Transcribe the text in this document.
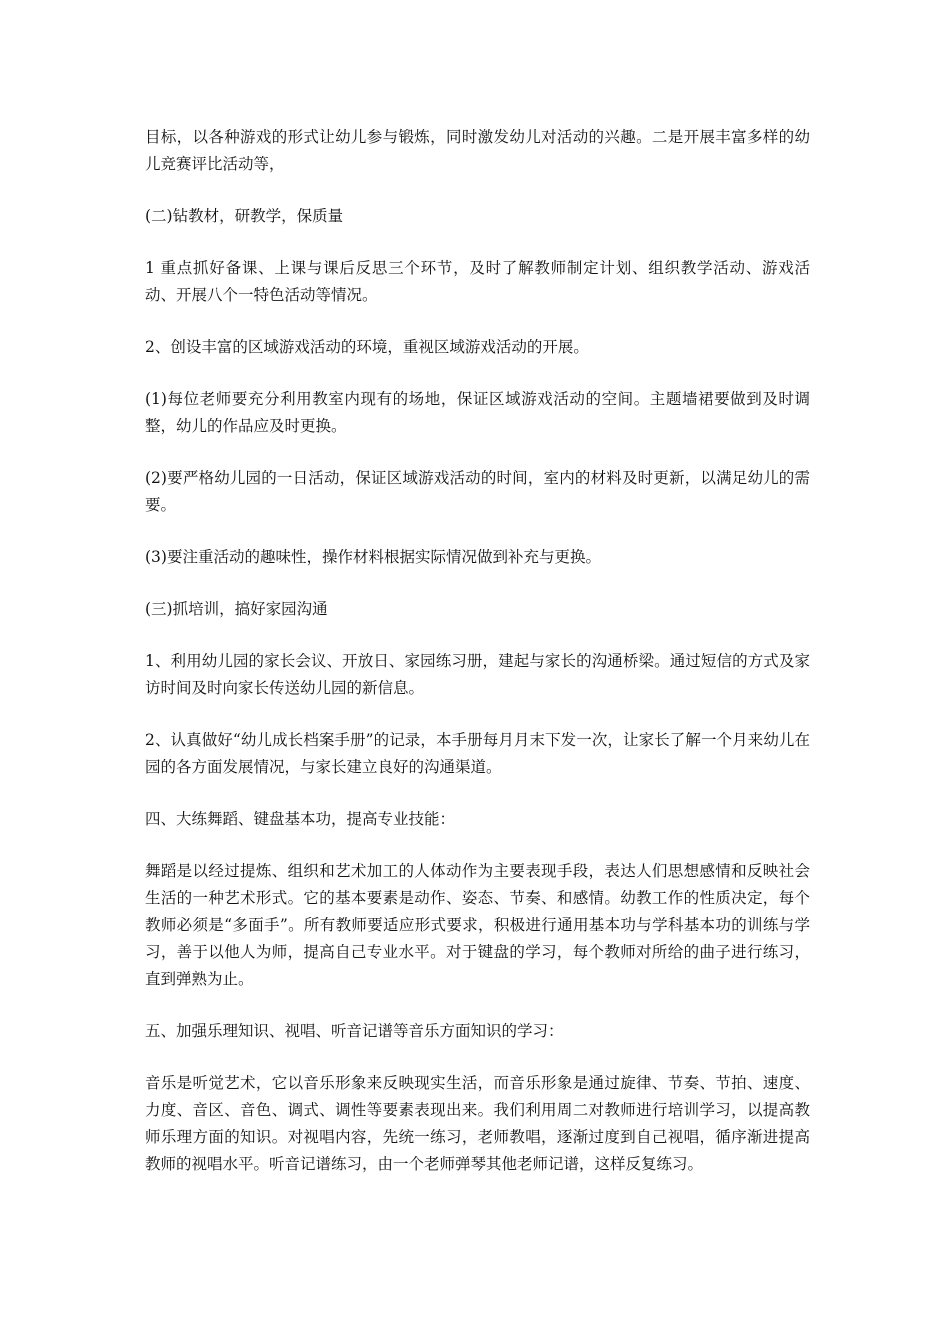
目标，以各种游戏的形式让幼儿参与锻炼，同时激发幼儿对活动的兴趣。二是开展丰富多样的幼儿竞赛评比活动等，

(二)钻教材，研教学，保质量

1 重点抓好备课、上课与课后反思三个环节，及时了解教师制定计划、组织教学活动、游戏活动、开展八个一特色活动等情况。

2、创设丰富的区域游戏活动的环境，重视区域游戏活动的开展。

(1)每位老师要充分利用教室内现有的场地，保证区域游戏活动的空间。主题墙裙要做到及时调整，幼儿的作品应及时更换。

(2)要严格幼儿园的一日活动，保证区域游戏活动的时间，室内的材料及时更新，以满足幼儿的需要。

(3)要注重活动的趣味性，操作材料根据实际情况做到补充与更换。

(三)抓培训，搞好家园沟通

1、利用幼儿园的家长会议、开放日、家园练习册，建起与家长的沟通桥梁。通过短信的方式及家访时间及时向家长传送幼儿园的新信息。

2、认真做好“幼儿成长档案手册”的记录，本手册每月月末下发一次，让家长了解一个月来幼儿在园的各方面发展情况，与家长建立良好的沟通渠道。

四、大练舞蹈、键盘基本功，提高专业技能：

舞蹈是以经过提炼、组织和艺术加工的人体动作为主要表现手段，表达人们思想感情和反映社会生活的一种艺术形式。它的基本要素是动作、姿态、节奏、和感情。幼教工作的性质决定，每个教师必须是“多面手”。所有教师要适应形式要求，积极进行通用基本功与学科基本功的训练与学习，善于以他人为师，提高自己专业水平。对于键盘的学习，每个教师对所给的曲子进行练习，直到弹熟为止。

五、加强乐理知识、视唱、听音记谱等音乐方面知识的学习：

音乐是听觉艺术，它以音乐形象来反映现实生活，而音乐形象是通过旋律、节奏、节拍、速度、力度、音区、音色、调式、调性等要素表现出来。我们利用周二对教师进行培训学习，以提高教师乐理方面的知识。对视唱内容，先统一练习，老师教唱，逐渐过度到自己视唱，循序渐进提高教师的视唱水平。听音记谱练习，由一个老师弹琴其他老师记谱，这样反复练习。
